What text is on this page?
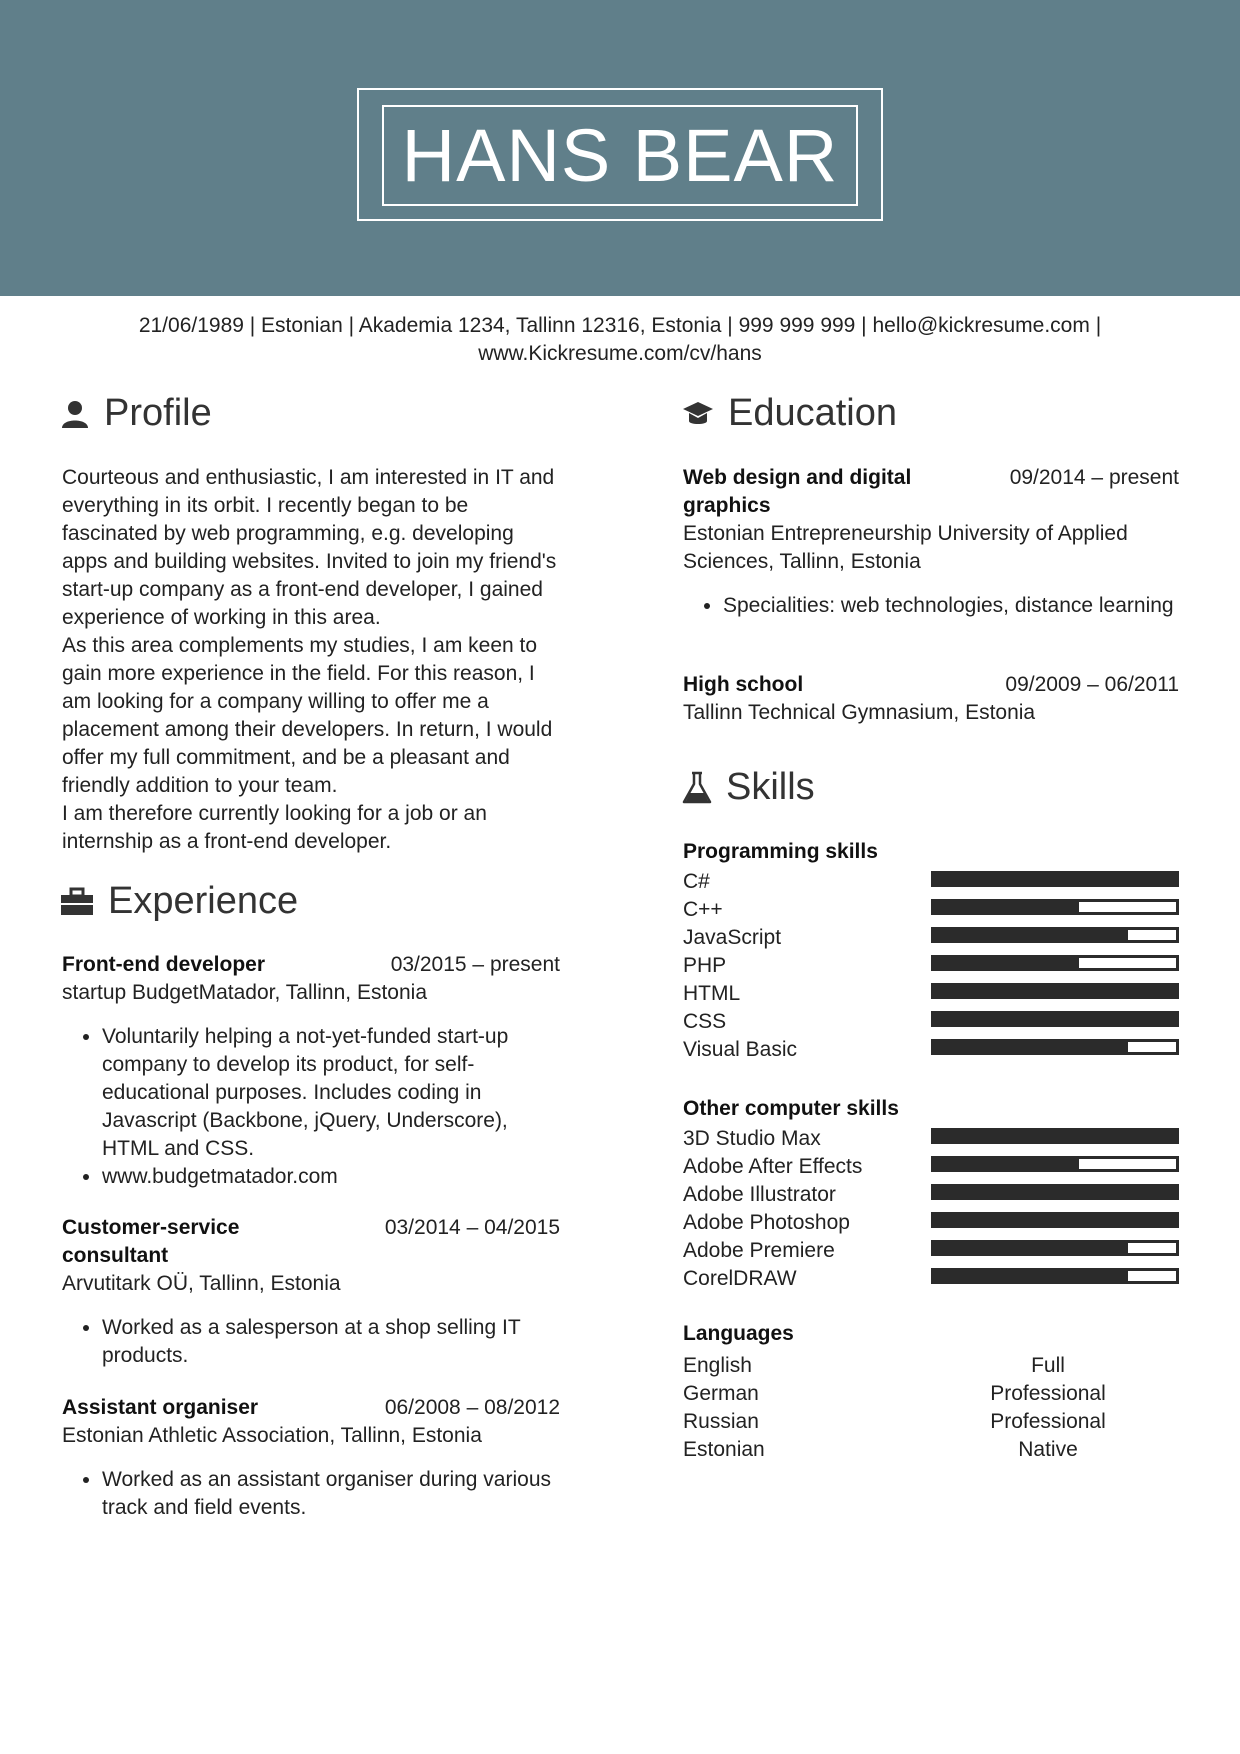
HANS BEAR
21/06/1989 | Estonian | Akademia 1234, Tallinn 12316, Estonia | 999 999 999 | hello@kickresume.com |
www.Kickresume.com/cv/hans
Profile

Courteous and enthusiastic, I am interested in IT and everything in its orbit. I recently began to be fascinated by web programming, e.g. developing apps and building websites. Invited to join my friend's start-up company as a front-end developer, I gained experience of working in this area.

As this area complements my studies, I am keen to gain more experience in the field. For this reason, I am looking for a company willing to offer me a placement among their developers. In return, I would offer my full commitment, and be a pleasant and friendly addition to your team.

I am therefore currently looking for a job or an internship as a front-end developer.

Experience
Front-end developer	03/2015 – present
startup BudgetMatador, Tallinn, Estonia
• Voluntarily helping a not-yet-funded start-up company to develop its product, for self-educational purposes. Includes coding in Javascript (Backbone, jQuery, Underscore), HTML and CSS.
• www.budgetmatador.com
Customer-service consultant
03/2014 – 04/2015
Arvutitark OÜ, Tallinn, Estonia
• Worked as a salesperson at a shop selling IT products.
Assistant organiser	06/2008 – 08/2012
Estonian Athletic Association, Tallinn, Estonia
• Worked as an assistant organiser during various track and field events.
Education
Web design and digital graphics
09/2014 – present
Estonian Entrepreneurship University of Applied Sciences, Tallinn, Estonia
• Specialities: web technologies, distance learning
High school	09/2009 – 06/2011
Tallinn Technical Gymnasium, Estonia
Skills
Programming skills
C#
C++
JavaScript
PHP
HTML
CSS
Visual Basic
Other computer skills
3D Studio Max
Adobe After Effects
Adobe Illustrator
Adobe Photoshop
Adobe Premiere
CorelDRAW
Languages
English	Full
German	Professional
Russian	Professional
Estonian	Native
